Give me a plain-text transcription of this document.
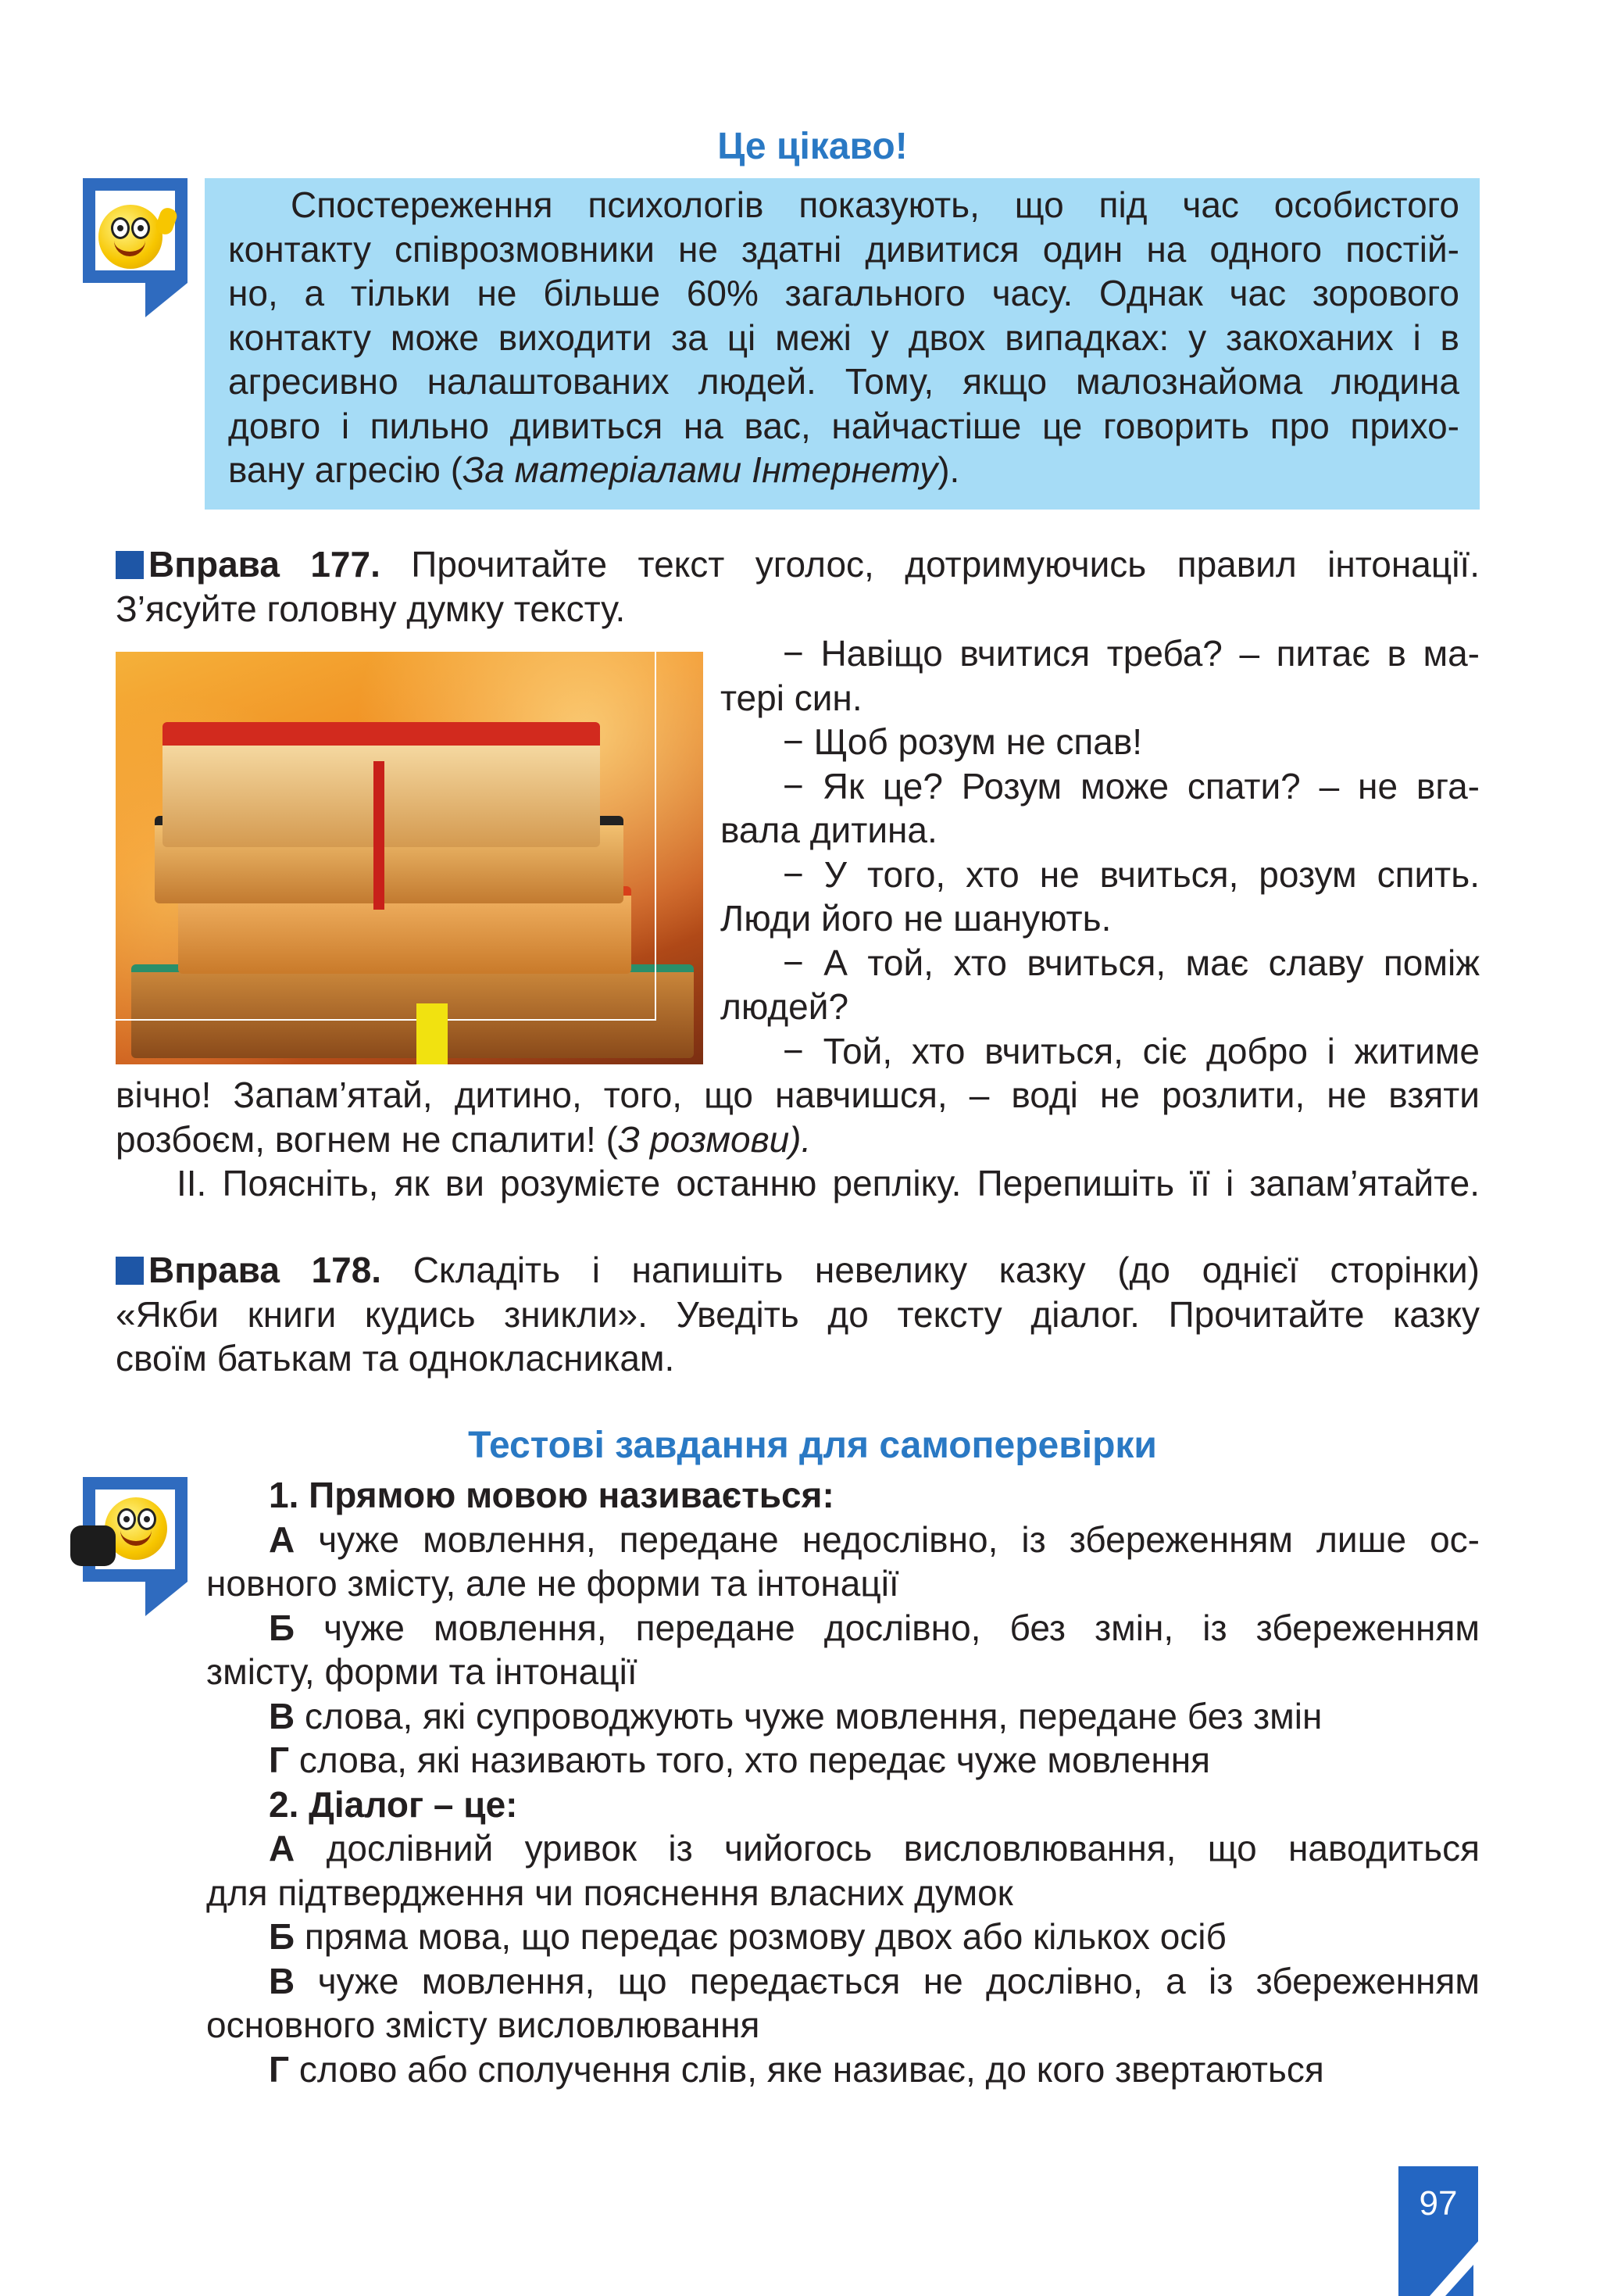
Це цікаво!
Спостереження психологів показують, що під час особистого
контакту співрозмовники не здатні дивитися один на одного постій-
но, а тільки не більше 60% загального часу. Однак час зорового
контакту може виходити за ці межі у двох випадках: у закоханих і в
агресивно налаштованих людей. Тому, якщо малознайома людина
довго і пильно дивиться на вас, найчастіше це говорить про прихо-
вану агресію (За матеріалами Інтернету).
Вправа 177. Прочитайте текст уголос, дотримуючись правил інтонації.
З’ясуйте головну думку тексту.
− Навіщо вчитися треба? – питає в ма-
тері син.
− Щоб розум не спав!
− Як це? Розум може спати? – не вга-
вала дитина.
− У того, хто не вчиться, розум спить.
Люди його не шанують.
− А той, хто вчиться, має славу поміж
людей?
− Той, хто вчиться, сіє добро і житиме
вічно! Запам’ятай, дитино, того, що навчишся, – воді не розлити, не взяти
розбоєм, вогнем не спалити! (З розмови).
ІІ. Поясніть, як ви розумієте останню репліку. Перепишіть її і запам’ятайте.
Вправа 178. Складіть і напишіть невелику казку (до однієї сторінки)
«Якби книги кудись зникли». Уведіть до тексту діалог. Прочитайте казку
своїм батькам та однокласникам.
Тестові завдання для самоперевірки
1. Прямою мовою називається:
А чуже мовлення, передане недослівно, із збереженням лише ос-
новного змісту, але не форми та інтонації
Б чуже мовлення, передане дослівно, без змін, із збереженням
змісту, форми та інтонації
В слова, які супроводжують чуже мовлення, передане без змін
Г слова, які називають того, хто передає чуже мовлення
2. Діалог – це:
А дослівний уривок із чийогось висловлювання, що наводиться
для підтвердження чи пояснення власних думок
Б пряма мова, що передає розмову двох або кількох осіб
В чуже мовлення, що передається не дослівно, а із збереженням
основного змісту висловлювання
Г слово або сполучення слів, яке називає, до кого звертаються
97
